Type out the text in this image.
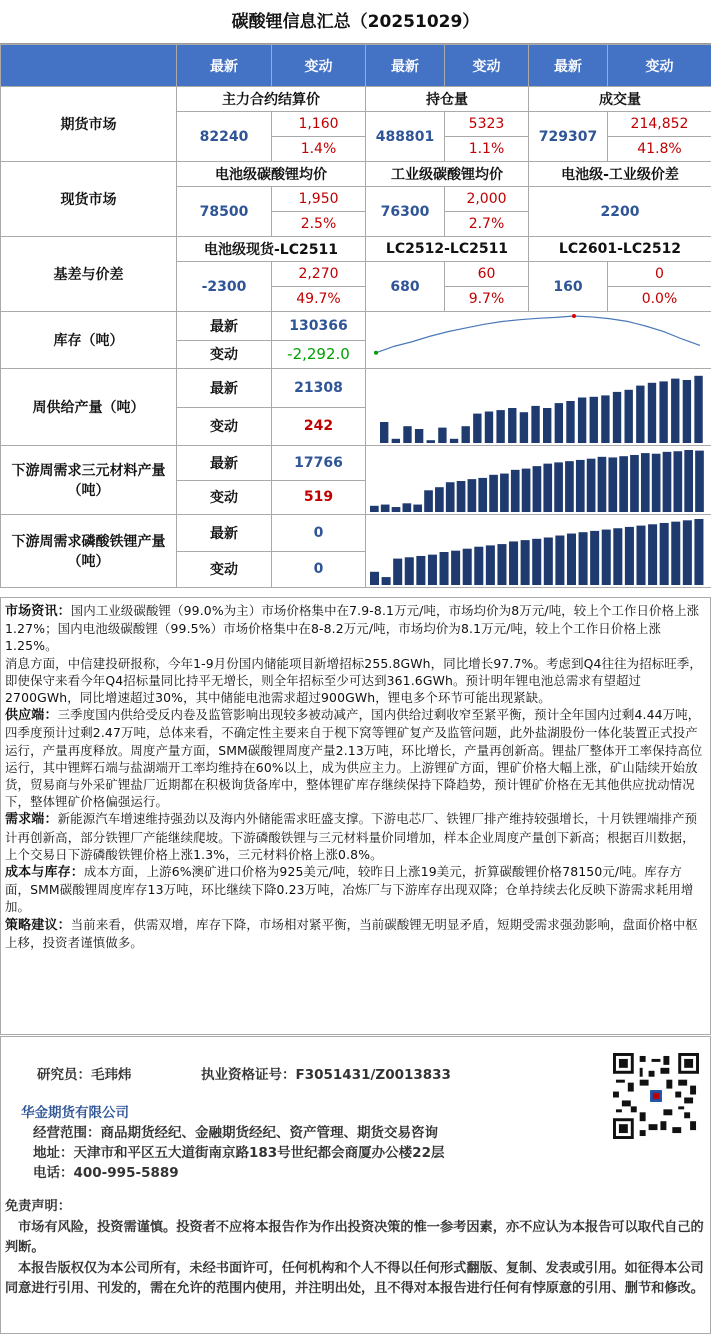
碳酸锂信息汇总（20251029）
	最新	变动	最新	变动	最新	变动
期货市场	主力合约结算价		持仓量		成交量	
	82240	1,160	488801	5323	729307	214,852
		1.4%		1.1%		41.8%
现货市场	电池级碳酸锂均价		工业级碳酸锂均价		电池级-工业级价差	
	78500	1,950	76300	2,000	2200	
		2.5%		2.7%		
基差与价差	电池级现货-LC2511		LC2512-LC2511		LC2601-LC2512	
	-2300	2,270	680	60	160	0
		49.7%		9.7%		0.0%
库存（吨）	最新	130366	

	变动	-2,292.0				
周供给产量（吨）	最新	21308	

	变动	242				
下游周需求三元材料产量（吨）	最新	17766	

	变动	519				
下游周需求磷酸铁锂产量（吨）	最新	0	

	变动	0				

市场资讯：国内工业级碳酸锂（99.0%为主）市场价格集中在7.9-8.1万元/吨，市场均价为8万元/吨，较上个工作日价格上涨1.27%；国内电池级碳酸锂（99.5%）市场价格集中在8-8.2万元/吨，市场均价为8.1万元/吨，较上个工作日价格上涨1.25%。

消息方面，中信建投研报称，今年1-9月份国内储能项目新增招标255.8GWh，同比增长97.7%。考虑到Q4往往为招标旺季，即使保守来看今年Q4招标量同比持平无增长，则全年招标至少可达到361.6GWh。预计明年锂电池总需求有望超过2700GWh，同比增速超过30%，其中储能电池需求超过900GWh，锂电多个环节可能出现紧缺。

供应端：三季度国内供给受反内卷及监管影响出现较多被动减产，国内供给过剩收窄至紧平衡，预计全年国内过剩4.44万吨，四季度预计过剩2.47万吨，总体来看，不确定性主要来自于枧下窝等锂矿复产及监管问题，此外盐湖股份一体化装置正式投产运行，产量再度释放。周度产量方面，SMM碳酸锂周度产量2.13万吨，环比增长，产量再创新高。锂盐厂整体开工率保持高位运行，其中锂辉石端与盐湖端开工率均维持在60%以上，成为供应主力。上游锂矿方面，锂矿价格大幅上涨，矿山陆续开始放货，贸易商与外采矿锂盐厂近期都在积极询货备库中，整体锂矿库存继续保持下降趋势，预计锂矿价格在无其他供应扰动情况下，整体锂矿价格偏强运行。

需求端：新能源汽车增速维持强劲以及海内外储能需求旺盛支撑。下游电芯厂、铁锂厂排产维持较强增长，十月铁锂端排产预计再创新高，部分铁锂厂产能继续爬坡。下游磷酸铁锂与三元材料量价同增加，样本企业周度产量创下新高；根据百川数据，上个交易日下游磷酸铁锂价格上涨1.3%，三元材料价格上涨0.8%。

成本与库存：成本方面，上游6%澳矿进口价格为925美元/吨，较昨日上涨19美元，折算碳酸锂价格78150元/吨。库存方面，SMM碳酸锂周度库存13万吨，环比继续下降0.23万吨，冶炼厂与下游库存出现双降；仓单持续去化反映下游需求耗用增加。

策略建议：当前来看，供需双增，库存下降，市场相对紧平衡，当前碳酸锂无明显矛盾，短期受需求强劲影响，盘面价格中枢上移，投资者谨慎做多。

研究员：毛玮炜	执业资格证号：F3051431/Z0013833
华金期货有限公司
经营范围：商品期货经纪、金融期货经纪、资产管理、期货交易咨询
地址：天津市和平区五大道街南京路183号世纪都会商厦办公楼22层
电话：400-995-5889
免责声明：
市场有风险，投资需谨慎。投资者不应将本报告作为作出投资决策的惟一参考因素，亦不应认为本报告可以取代自己的判断。
本报告版权仅为本公司所有，未经书面许可，任何机构和个人不得以任何形式翻版、复制、发表或引用。如征得本公司同意进行引用、刊发的，需在允许的范围内使用，并注明出处，且不得对本报告进行任何有悖原意的引用、删节和修改。
